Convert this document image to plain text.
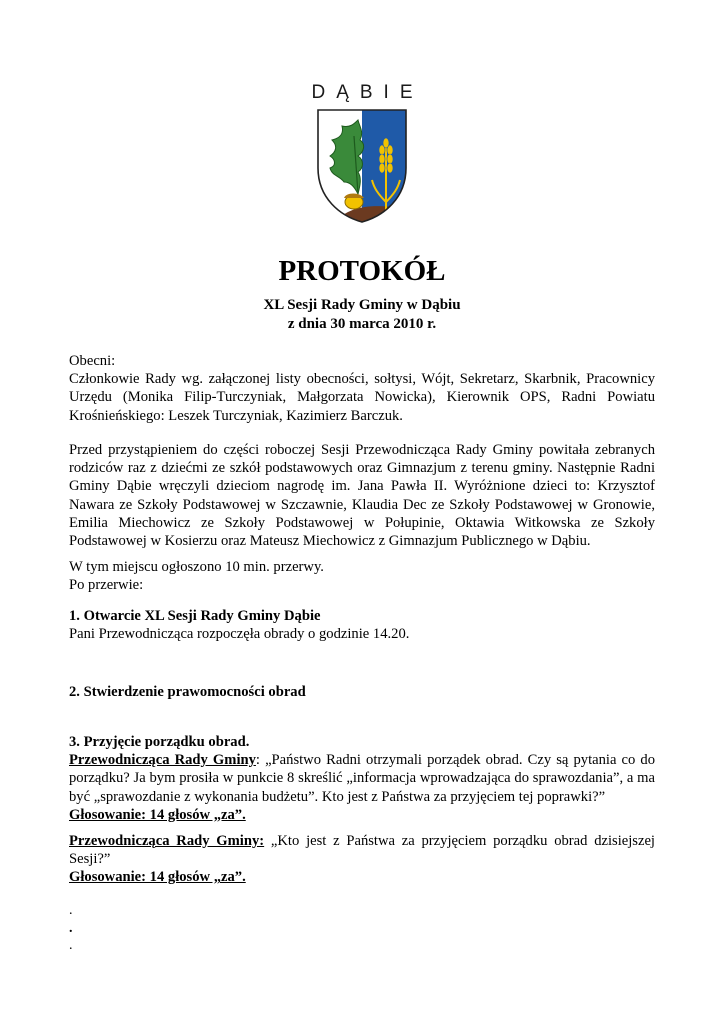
DĄBIE
PROTOKÓŁ
XL Sesji Rady Gminy w Dąbiu
z dnia 30 marca 2010 r.
Obecni:
Członkowie Rady wg. załączonej listy obecności, sołtysi, Wójt, Sekretarz, Skarbnik, Pracownicy Urzędu (Monika Filip-Turczyniak, Małgorzata Nowicka), Kierownik OPS, Radni Powiatu Krośnieńskiego: Leszek Turczyniak, Kazimierz Barczuk.
Przed przystąpieniem do części roboczej Sesji Przewodnicząca Rady Gminy powitała zebranych rodziców raz z dziećmi ze szkół podstawowych oraz Gimnazjum z terenu gminy. Następnie Radni Gminy Dąbie wręczyli dzieciom nagrodę im. Jana Pawła II. Wyróżnione dzieci to: Krzysztof Nawara ze Szkoły Podstawowej w Szczawnie, Klaudia Dec ze Szkoły Podstawowej w Gronowie, Emilia Miechowicz ze Szkoły Podstawowej w Połupinie, Oktawia Witkowska ze Szkoły Podstawowej w Kosierzu oraz Mateusz Miechowicz z Gimnazjum Publicznego w Dąbiu.
W tym miejscu ogłoszono 10 min. przerwy.
Po przerwie:
1. Otwarcie XL Sesji Rady Gminy Dąbie
Pani Przewodnicząca rozpoczęła obrady o godzinie 14.20.
2. Stwierdzenie prawomocności obrad
3. Przyjęcie porządku obrad.
Przewodnicząca Rady Gminy: „Państwo Radni otrzymali porządek obrad. Czy są pytania co do porządku? Ja bym prosiła w punkcie 8 skreślić „informacja wprowadzająca do sprawozdania”, a ma być „sprawozdanie z wykonania budżetu”. Kto jest z Państwa za przyjęciem tej poprawki?”
Głosowanie: 14 głosów „za”.
Przewodnicząca Rady Gminy: „Kto jest z Państwa za przyjęciem porządku obrad dzisiejszej Sesji?”
Głosowanie: 14 głosów „za”.
.
.
.
